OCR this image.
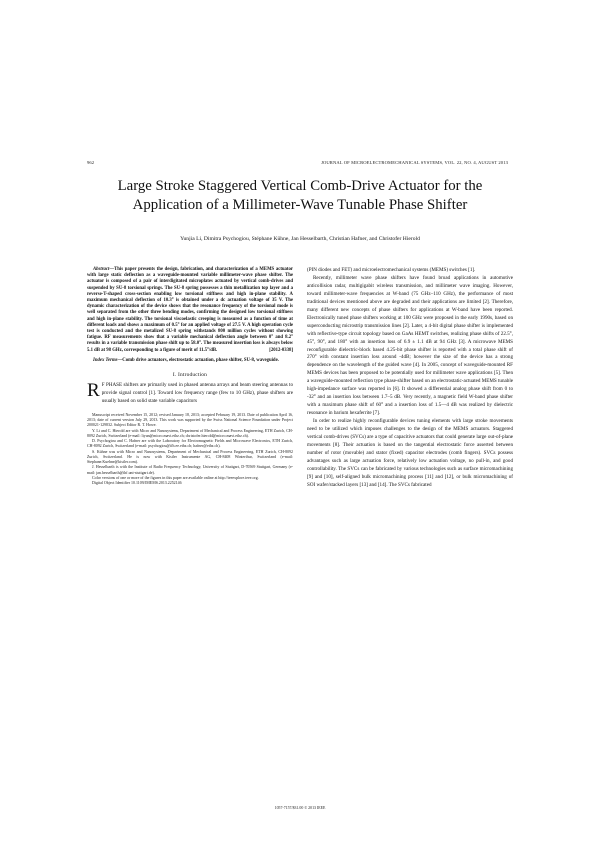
962	JOURNAL OF MICROELECTROMECHANICAL SYSTEMS, VOL. 22, NO. 4, AUGUST 2013
Large Stroke Staggered Vertical Comb-Drive Actuator for the Application of a Millimeter-Wave Tunable Phase Shifter
Yunjia Li, Dimitra Psychogiou, Stéphane Kühne, Jan Hesselbarth, Christian Hafner, and Christofer Hierold

Abstract—This paper presents the design, fabrication, and characterization of a MEMS actuator with large static deflection as a waveguide-mounted variable millimeter-wave phase shifter. The actuator is composed of a pair of interdigitated microplates actuated by vertical comb-drives and suspended by SU-8 torsional springs. The SU-8 spring possesses a thin metallization top layer and a reverse-T-shaped cross-section enabling low torsional stiffness and high in-plane stability. A maximum mechanical deflection of 10.3° is obtained under a dc actuation voltage of 35 V. The dynamic characterization of the device shows that the resonance frequency of the torsional mode is well separated from the other three bending modes, confirming the designed low torsional stiffness and high in-plane stability. The torsional viscoelastic creeping is measured as a function of time at different loads and shows a maximum of 0.5° for an applied voltage of 27.5 V. A high operation cycle test is conducted and the metalized SU-8 spring withstands 800 million cycles without showing fatigue. RF measurements show that a variable mechanical deflection angle between 0° and 8.2° results in a variable transmission phase shift up to 58.0°. The measured insertion loss is always below 5.1 dB at 98 GHz, corresponding to a figure of merit of 11.5°/dB.	[2012-0338]

Index Terms—Comb drive actuators, electrostatic actuation, phase shifter, SU-8, waveguide.

I. Introduction

R F PHASE shifters are primarily used in phased antenna arrays and beam steering antennas to provide signal control [1]. Toward low frequency range (few to 10 GHz), phase shifters are usually based on solid state variable capacitors

Manuscript received November 15, 2012; revised January 18, 2013; accepted February 19, 2013. Date of publication April 16, 2013; date of current version July 29, 2013. This work was supported by the Swiss National Science Foundation under Project 200021-129832. Subject Editor R. T. Howe.

Y. Li and C. Hierold are with Micro and Nanosystems, Department of Mechanical and Process Engineering, ETH Zurich, CH-8092 Zurich, Switzerland (e-mail: liyun@micro.mavt.ethz.ch; christofer.hierold@micro.mavt.ethz.ch).

D. Psychogiou and C. Hafner are with the Laboratory for Electromagnetic Fields and Microwave Electronics, ETH Zurich, CH-8092 Zurich, Switzerland (e-mail: psychogiou@ifh.ee.ethz.ch; hafner@ethz.ch).

S. Kühne was with Micro and Nanosystems, Department of Mechanical and Process Engineering, ETH Zurich, CH-8092 Zurich, Switzerland. He is now with Kistler Instrumente AG, CH-8408 Winterthur, Switzerland (e-mail: Stephane.Kuehne@kistler.com).

J. Hesselbarth is with the Institute of Radio Frequency Technology, University of Stuttgart, D-70569 Stuttgart, Germany (e-mail: jan.hesselbarth@ihf.uni-stuttgart.de).

Color versions of one or more of the figures in this paper are available online at http://ieeexplore.ieee.org.

Digital Object Identifier 10.1109/JMEMS.2013.2252146

(PIN diodes and FET) and microelectromechanical systems (MEMS) switches [1].

Recently, millimeter wave phase shifters have found broad applications in automotive anticollision radar, multigigabit wireless transmission, and millimeter wave imaging. However, toward millimeter-wave frequencies at W-band (75 GHz–110 GHz), the performance of most traditional devices mentioned above are degraded and their applications are limited [2]. Therefore, many different new concepts of phase shifters for applications at W-band have been reported. Electronically tuned phase shifters working at 100 GHz were proposed in the early 1990s, based on superconducting microstrip transmission lines [2]. Later, a 4-bit digital phase shifter is implemented with reflective-type circuit topology based on GaAs HEMT switches, realizing phase shifts of 22.5°, 45°, 90°, and 180° with an insertion loss of 6.9 ± 1.1 dB at 94 GHz [3]. A microwave MEMS reconfigurable dielectric-block based 4.25-bit phase shifter is reported with a total phase shift of 270° with constant insertion loss around -4dB; however the size of the device has a strong dependence on the wavelength of the guided wave [4]. In 2005, concept of waveguide-mounted RF MEMS devices has been proposed to be potentially used for millimeter wave applications [5]. Then a waveguide-mounted reflection type phase-shifter based on an electrostatic-actuated MEMS tunable high-impedance surface was reported in [6]. It showed a differential analog phase shift from 0 to -32° and an insertion loss between 1.7–5 dB. Very recently, a magnetic field W-band phase shifter with a maximum phase shift of 60° and a insertion loss of 1.5—4 dB was realized by dielectric resonance in barium hexaferrite [7].

In order to realize highly reconfigurable devices tuning elements with large stroke movements need to be utilized which imposes challenges to the design of the MEMS actuators. Staggered vertical comb-drives (SVCs) are a type of capacitive actuators that could generate large out-of-plane movements [8]. Their actuation is based on the tangential electrostatic force asserted between number of rotor (movable) and stator (fixed) capacitor electrodes (comb fingers). SVCs possess advantages such as large actuation force, relatively low actuation voltage, no pull-in, and good controllability. The SVCs can be fabricated by various technologies such as surface micromachining [9] and [10], self-aligned bulk micromachining process [11] and [12], or bulk micromachining of SOI wafer/stacked layers [13] and [14]. The SVCs fabricated

1057-7157/$31.00 © 2013 IEEE
